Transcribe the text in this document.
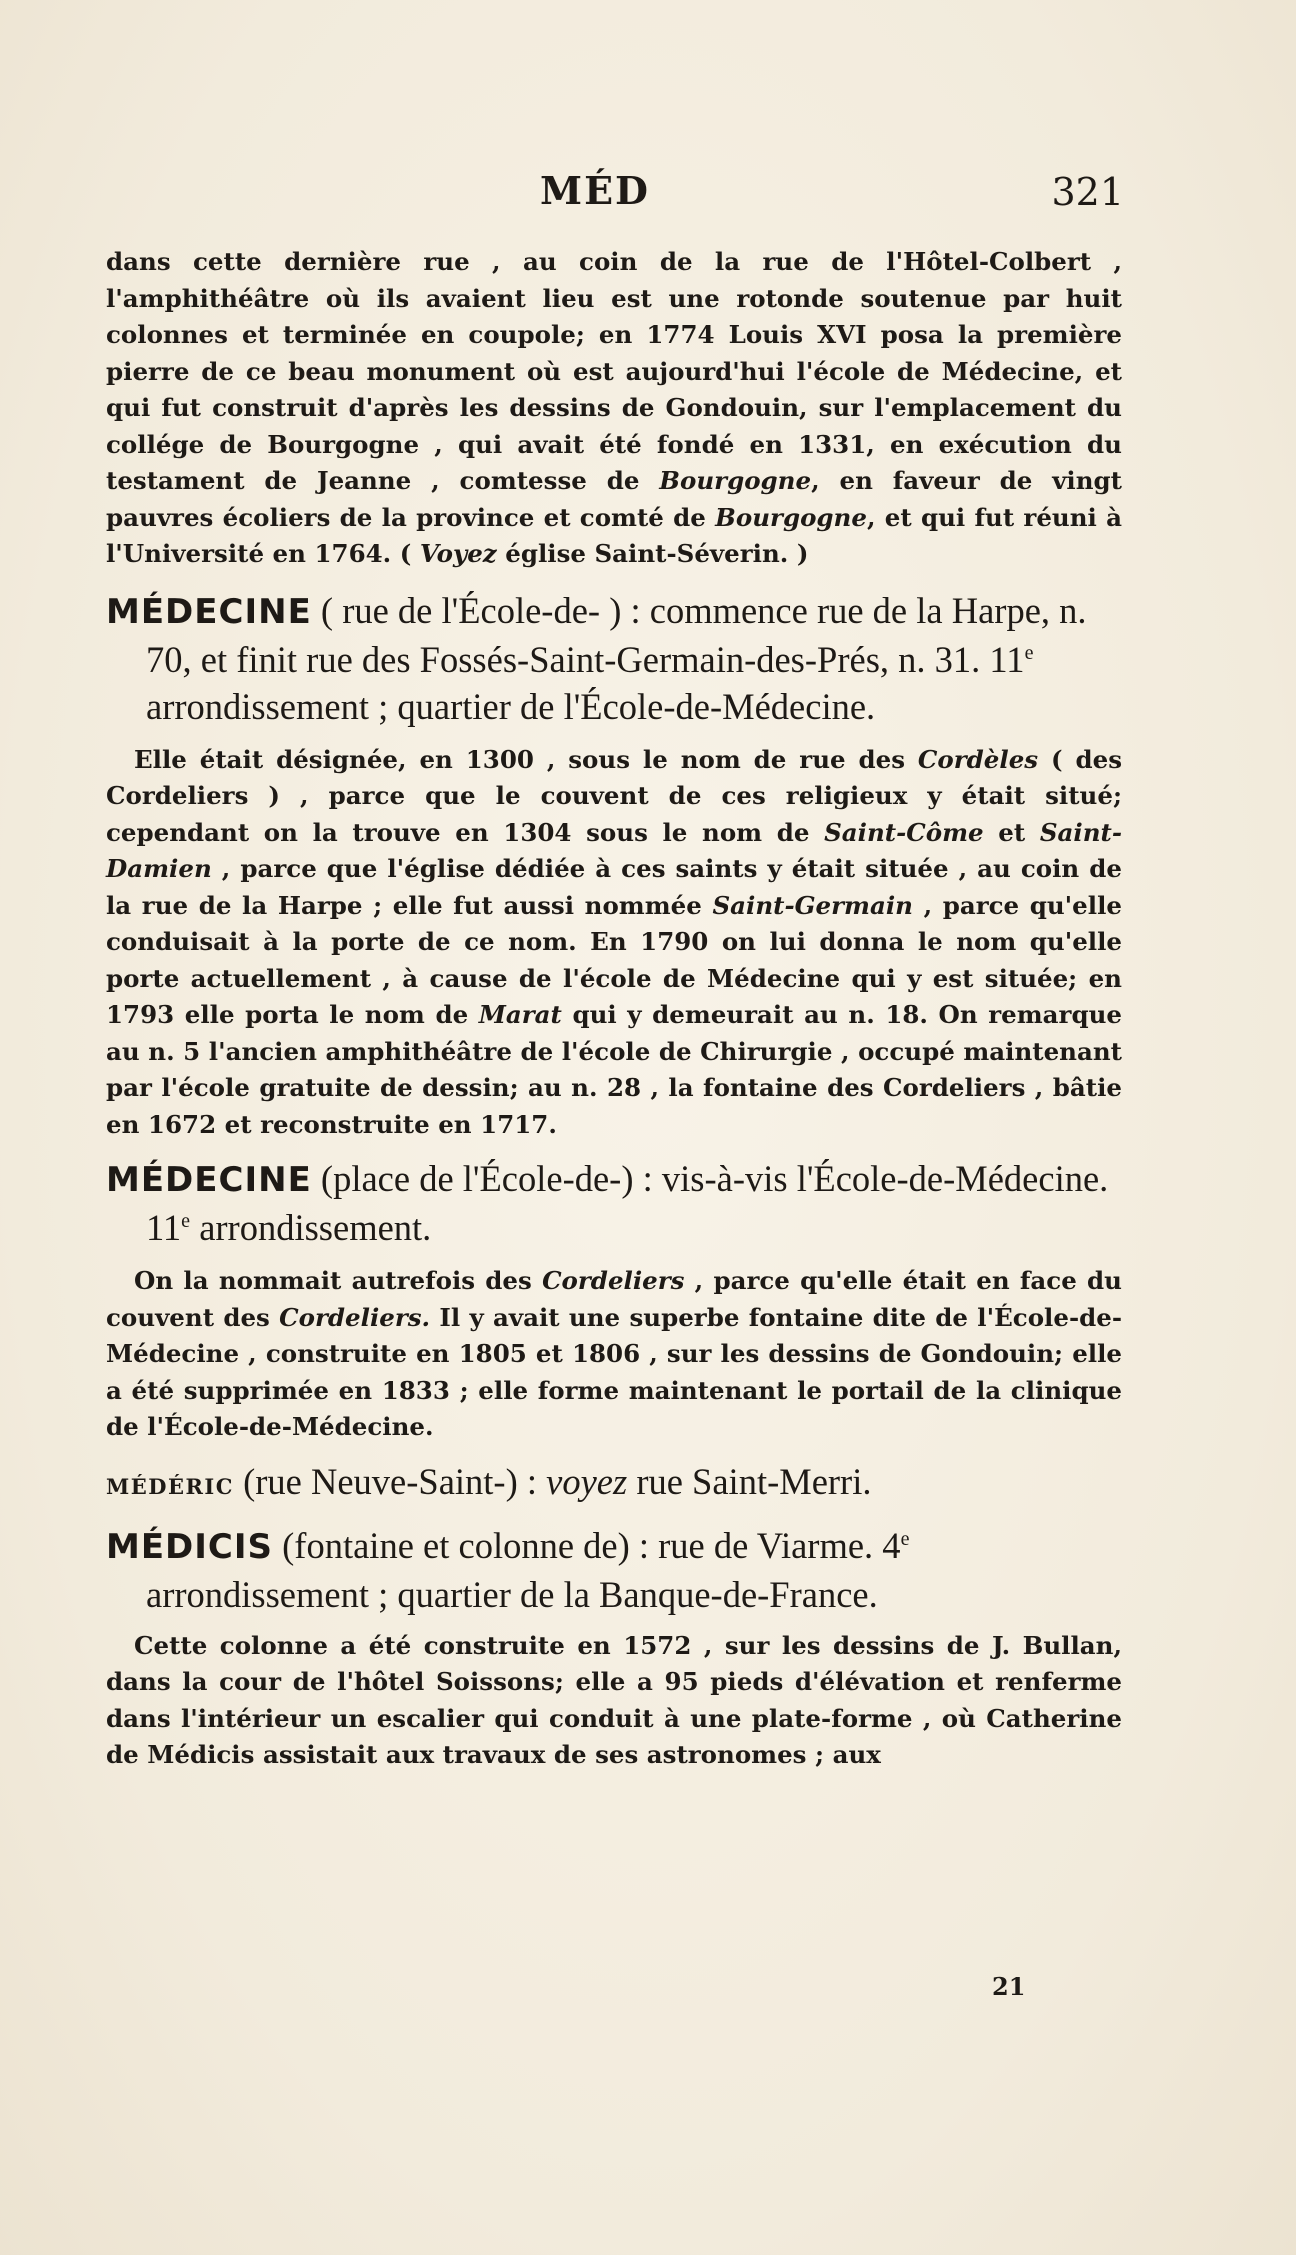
MÉD	321

dans cette dernière rue , au coin de la rue de l'Hôtel-Colbert , l'amphithéâtre où ils avaient lieu est une rotonde soutenue par huit colonnes et terminée en coupole; en 1774 Louis XVI posa la première pierre de ce beau monument où est aujourd'hui l'école de Médecine, et qui fut construit d'après les dessins de Gondouin, sur l'emplacement du collége de Bourgogne , qui avait été fondé en 1331, en exécution du testament de Jeanne , comtesse de Bourgogne, en faveur de vingt pauvres écoliers de la province et comté de Bourgogne, et qui fut réuni à l'Université en 1764. ( Voyez église Saint-Séverin. )

MÉDECINE ( rue de l'École-de- ) : commence rue de la Harpe, n. 70, et finit rue des Fossés-Saint-Germain-des-Prés, n. 31. 11e arrondissement ; quartier de l'École-de-Médecine.

Elle était désignée, en 1300 , sous le nom de rue des Cordèles ( des Cordeliers ) , parce que le couvent de ces religieux y était situé; cependant on la trouve en 1304 sous le nom de Saint-Côme et Saint-Damien , parce que l'église dédiée à ces saints y était située , au coin de la rue de la Harpe ; elle fut aussi nommée Saint-Germain , parce qu'elle conduisait à la porte de ce nom. En 1790 on lui donna le nom qu'elle porte actuellement , à cause de l'école de Médecine qui y est située; en 1793 elle porta le nom de Marat qui y demeurait au n. 18. On remarque au n. 5 l'ancien amphithéâtre de l'école de Chirurgie , occupé maintenant par l'école gratuite de dessin; au n. 28 , la fontaine des Cordeliers , bâtie en 1672 et reconstruite en 1717.

MÉDECINE (place de l'École-de-) : vis-à-vis l'École-de-Médecine. 11e arrondissement.

On la nommait autrefois des Cordeliers , parce qu'elle était en face du couvent des Cordeliers. Il y avait une superbe fontaine dite de l'École-de-Médecine , construite en 1805 et 1806 , sur les dessins de Gondouin; elle a été supprimée en 1833 ; elle forme maintenant le portail de la clinique de l'École-de-Médecine.

MÉDÉRIC (rue Neuve-Saint-) : voyez rue Saint-Merri.

MÉDICIS (fontaine et colonne de) : rue de Viarme. 4e arrondissement ; quartier de la Banque-de-France.

Cette colonne a été construite en 1572 , sur les dessins de J. Bullan, dans la cour de l'hôtel Soissons; elle a 95 pieds d'élévation et renferme dans l'intérieur un escalier qui conduit à une plate-forme , où Catherine de Médicis assistait aux travaux de ses astronomes ; aux

21
